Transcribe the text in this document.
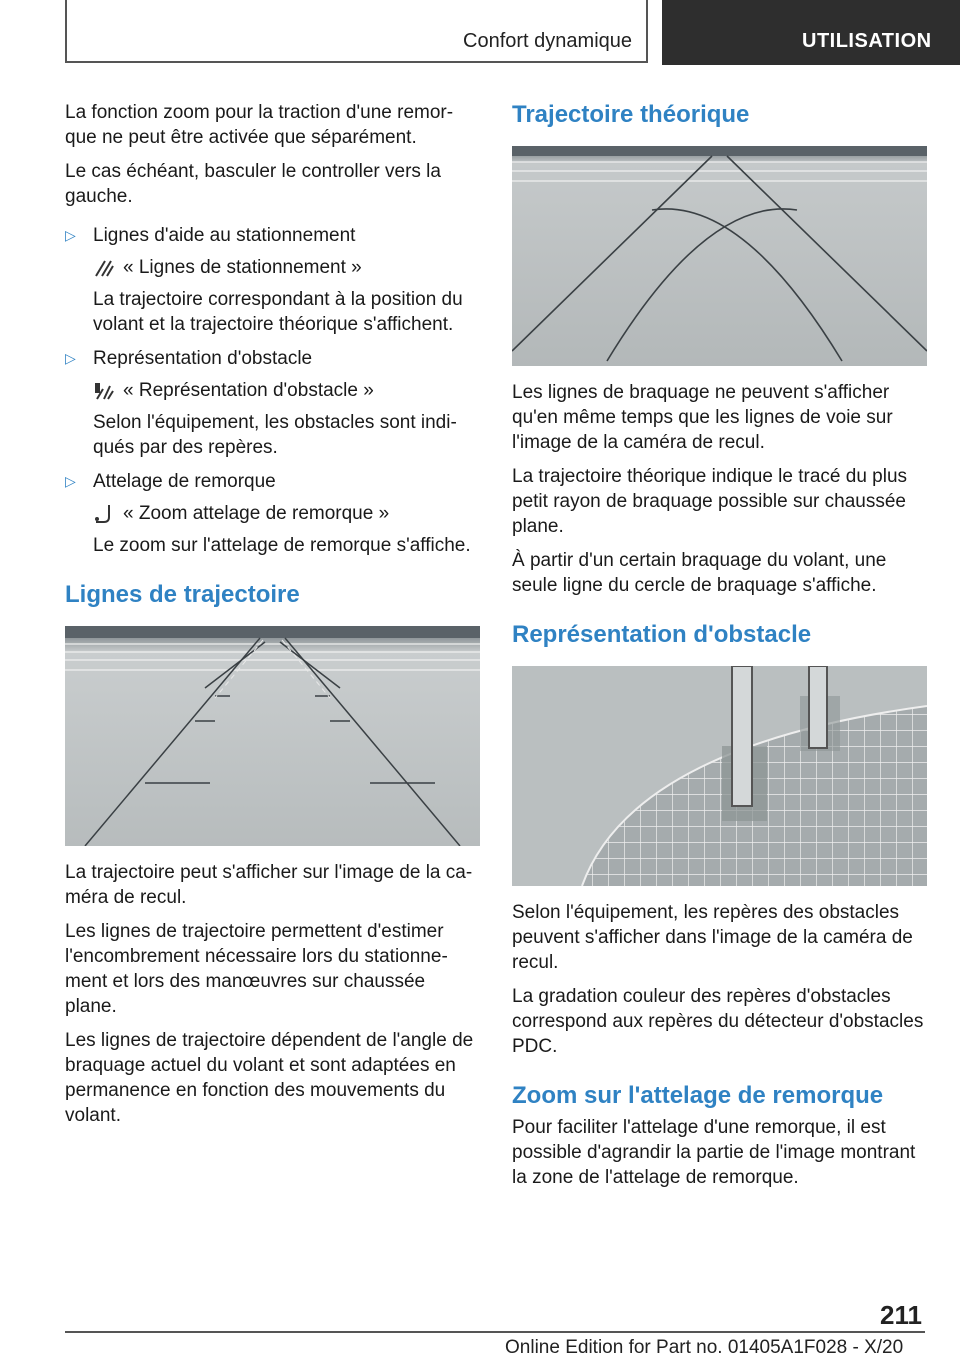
Confort dynamique	UTILISATION

La fonction zoom pour la traction d'une remor-que ne peut être activée que séparément.

Le cas échéant, basculer le controller vers la gauche.

▷ Lignes d'aide au stationnement

« Lignes de stationnement »

La trajectoire correspondant à la position du volant et la trajectoire théorique s'affichent.

▷ Représentation d'obstacle

« Représentation d'obstacle »

Selon l'équipement, les obstacles sont indi-qués par des repères.

▷ Attelage de remorque

« Zoom attelage de remorque »

Le zoom sur l'attelage de remorque s'affiche.

Lignes de trajectoire

La trajectoire peut s'afficher sur l'image de la ca-méra de recul.

Les lignes de trajectoire permettent d'estimer l'encombrement nécessaire lors du stationne-ment et lors des manœuvres sur chaussée plane.

Les lignes de trajectoire dépendent de l'angle de braquage actuel du volant et sont adaptées en permanence en fonction des mouvements du volant.

Trajectoire théorique

Les lignes de braquage ne peuvent s'afficher qu'en même temps que les lignes de voie sur l'image de la caméra de recul.

La trajectoire théorique indique le tracé du plus petit rayon de braquage possible sur chaussée plane.

À partir d'un certain braquage du volant, une seule ligne du cercle de braquage s'affiche.

Représentation d'obstacle

Selon l'équipement, les repères des obstacles peuvent s'afficher dans l'image de la caméra de recul.

La gradation couleur des repères d'obstacles correspond aux repères du détecteur d'obstacles PDC.

Zoom sur l'attelage de remorque

Pour faciliter l'attelage d'une remorque, il est possible d'agrandir la partie de l'image montrant la zone de l'attelage de remorque.

211
Online Edition for Part no. 01405A1F028 - X/20
